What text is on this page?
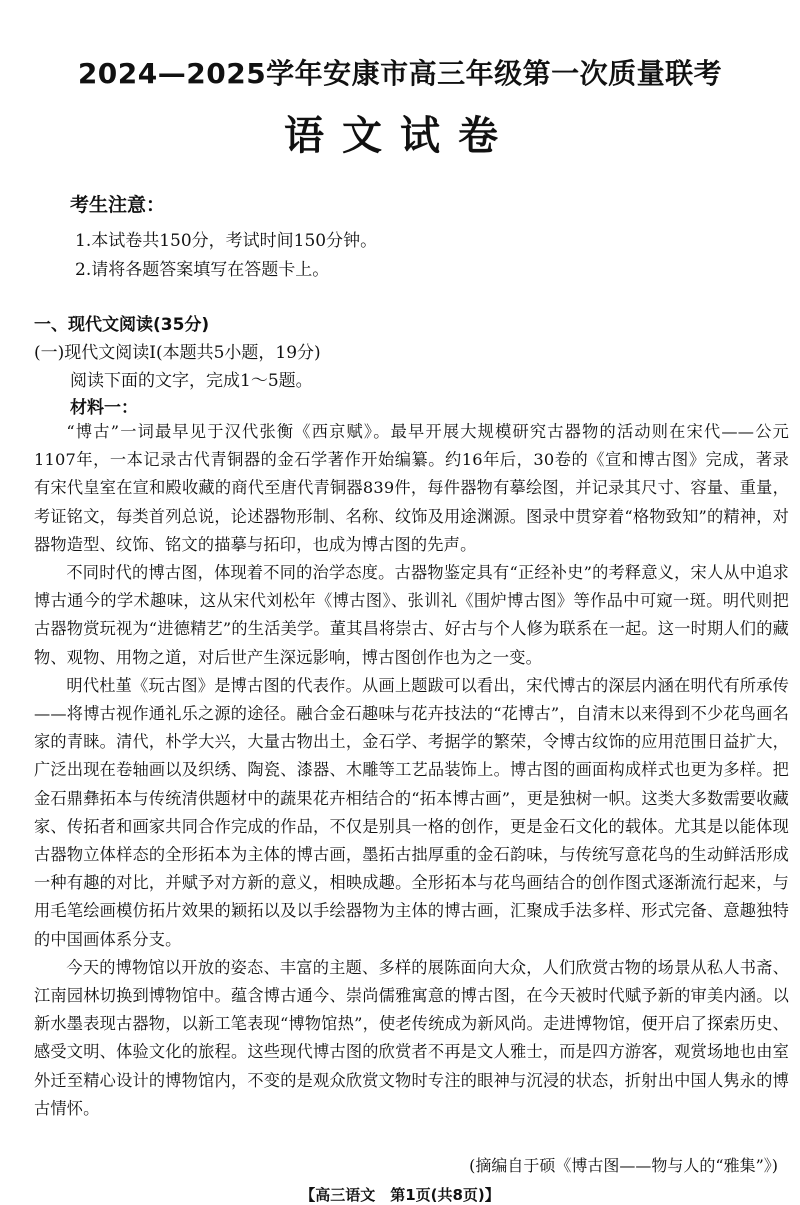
2024—2025学年安康市高三年级第一次质量联考
语文试卷
考生注意：
1.本试卷共150分，考试时间150分钟。
2.请将各题答案填写在答题卡上。
一、现代文阅读(35分)
(一)现代文阅读Ⅰ(本题共5小题，19分)
阅读下面的文字，完成1～5题。
材料一：

“博古”一词最早见于汉代张衡《西京赋》。最早开展大规模研究古器物的活动则在宋代——公元1107年，一本记录古代青铜器的金石学著作开始编纂。约16年后，30卷的《宣和博古图》完成，著录有宋代皇室在宣和殿收藏的商代至唐代青铜器839件，每件器物有摹绘图，并记录其尺寸、容量、重量，考证铭文，每类首列总说，论述器物形制、名称、纹饰及用途渊源。图录中贯穿着“格物致知”的精神，对器物造型、纹饰、铭文的描摹与拓印，也成为博古图的先声。

不同时代的博古图，体现着不同的治学态度。古器物鉴定具有“正经补史”的考释意义，宋人从中追求博古通今的学术趣味，这从宋代刘松年《博古图》、张训礼《围炉博古图》等作品中可窥一斑。明代则把古器物赏玩视为“进德精艺”的生活美学。董其昌将崇古、好古与个人修为联系在一起。这一时期人们的藏物、观物、用物之道，对后世产生深远影响，博古图创作也为之一变。

明代杜堇《玩古图》是博古图的代表作。从画上题跋可以看出，宋代博古的深层内涵在明代有所承传——将博古视作通礼乐之源的途径。融合金石趣味与花卉技法的“花博古”，自清末以来得到不少花鸟画名家的青睐。清代，朴学大兴，大量古物出土，金石学、考据学的繁荣，令博古纹饰的应用范围日益扩大，广泛出现在卷轴画以及织绣、陶瓷、漆器、木雕等工艺品装饰上。博古图的画面构成样式也更为多样。把金石鼎彝拓本与传统清供题材中的蔬果花卉相结合的“拓本博古画”，更是独树一帜。这类大多数需要收藏家、传拓者和画家共同合作完成的作品，不仅是别具一格的创作，更是金石文化的载体。尤其是以能体现古器物立体样态的全形拓本为主体的博古画，墨拓古拙厚重的金石韵味，与传统写意花鸟的生动鲜活形成一种有趣的对比，并赋予对方新的意义，相映成趣。全形拓本与花鸟画结合的创作图式逐渐流行起来，与用毛笔绘画模仿拓片效果的颖拓以及以手绘器物为主体的博古画，汇聚成手法多样、形式完备、意趣独特的中国画体系分支。

今天的博物馆以开放的姿态、丰富的主题、多样的展陈面向大众，人们欣赏古物的场景从私人书斋、江南园林切换到博物馆中。蕴含博古通今、崇尚儒雅寓意的博古图，在今天被时代赋予新的审美内涵。以新水墨表现古器物，以新工笔表现“博物馆热”，使老传统成为新风尚。走进博物馆，便开启了探索历史、感受文明、体验文化的旅程。这些现代博古图的欣赏者不再是文人雅士，而是四方游客，观赏场地也由室外迁至精心设计的博物馆内，不变的是观众欣赏文物时专注的眼神与沉浸的状态，折射出中国人隽永的博古情怀。

(摘编自于硕《博古图——物与人的“雅集”》)
【高三语文　第1页(共8页)】
